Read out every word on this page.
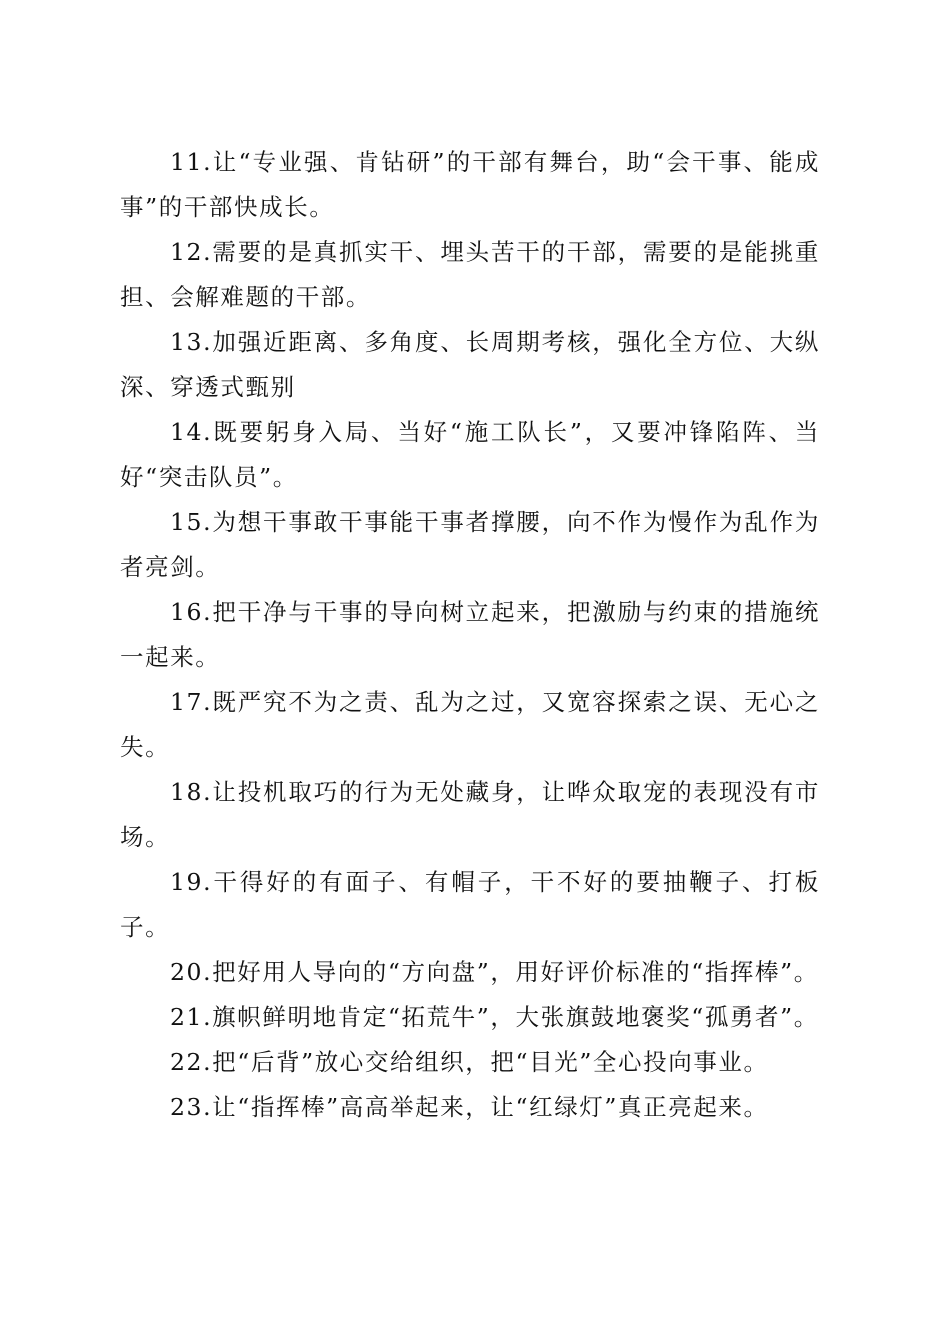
11.让“专业强、肯钻研”的干部有舞台，助“会干事、能成事”的干部快成长。

12.需要的是真抓实干、埋头苦干的干部，需要的是能挑重担、会解难题的干部。

13.加强近距离、多角度、长周期考核，强化全方位、大纵深、穿透式甄别

14.既要躬身入局、当好“施工队长”，又要冲锋陷阵、当好“突击队员”。

15.为想干事敢干事能干事者撑腰，向不作为慢作为乱作为者亮剑。

16.把干净与干事的导向树立起来，把激励与约束的措施统一起来。

17.既严究不为之责、乱为之过，又宽容探索之误、无心之失。

18.让投机取巧的行为无处藏身，让哗众取宠的表现没有市场。

19.干得好的有面子、有帽子，干不好的要抽鞭子、打板子。

20.把好用人导向的“方向盘”，用好评价标准的“指挥棒”。

21.旗帜鲜明地肯定“拓荒牛”，大张旗鼓地褒奖“孤勇者”。

22.把“后背”放心交给组织，把“目光”全心投向事业。

23.让“指挥棒”高高举起来，让“红绿灯”真正亮起来。
